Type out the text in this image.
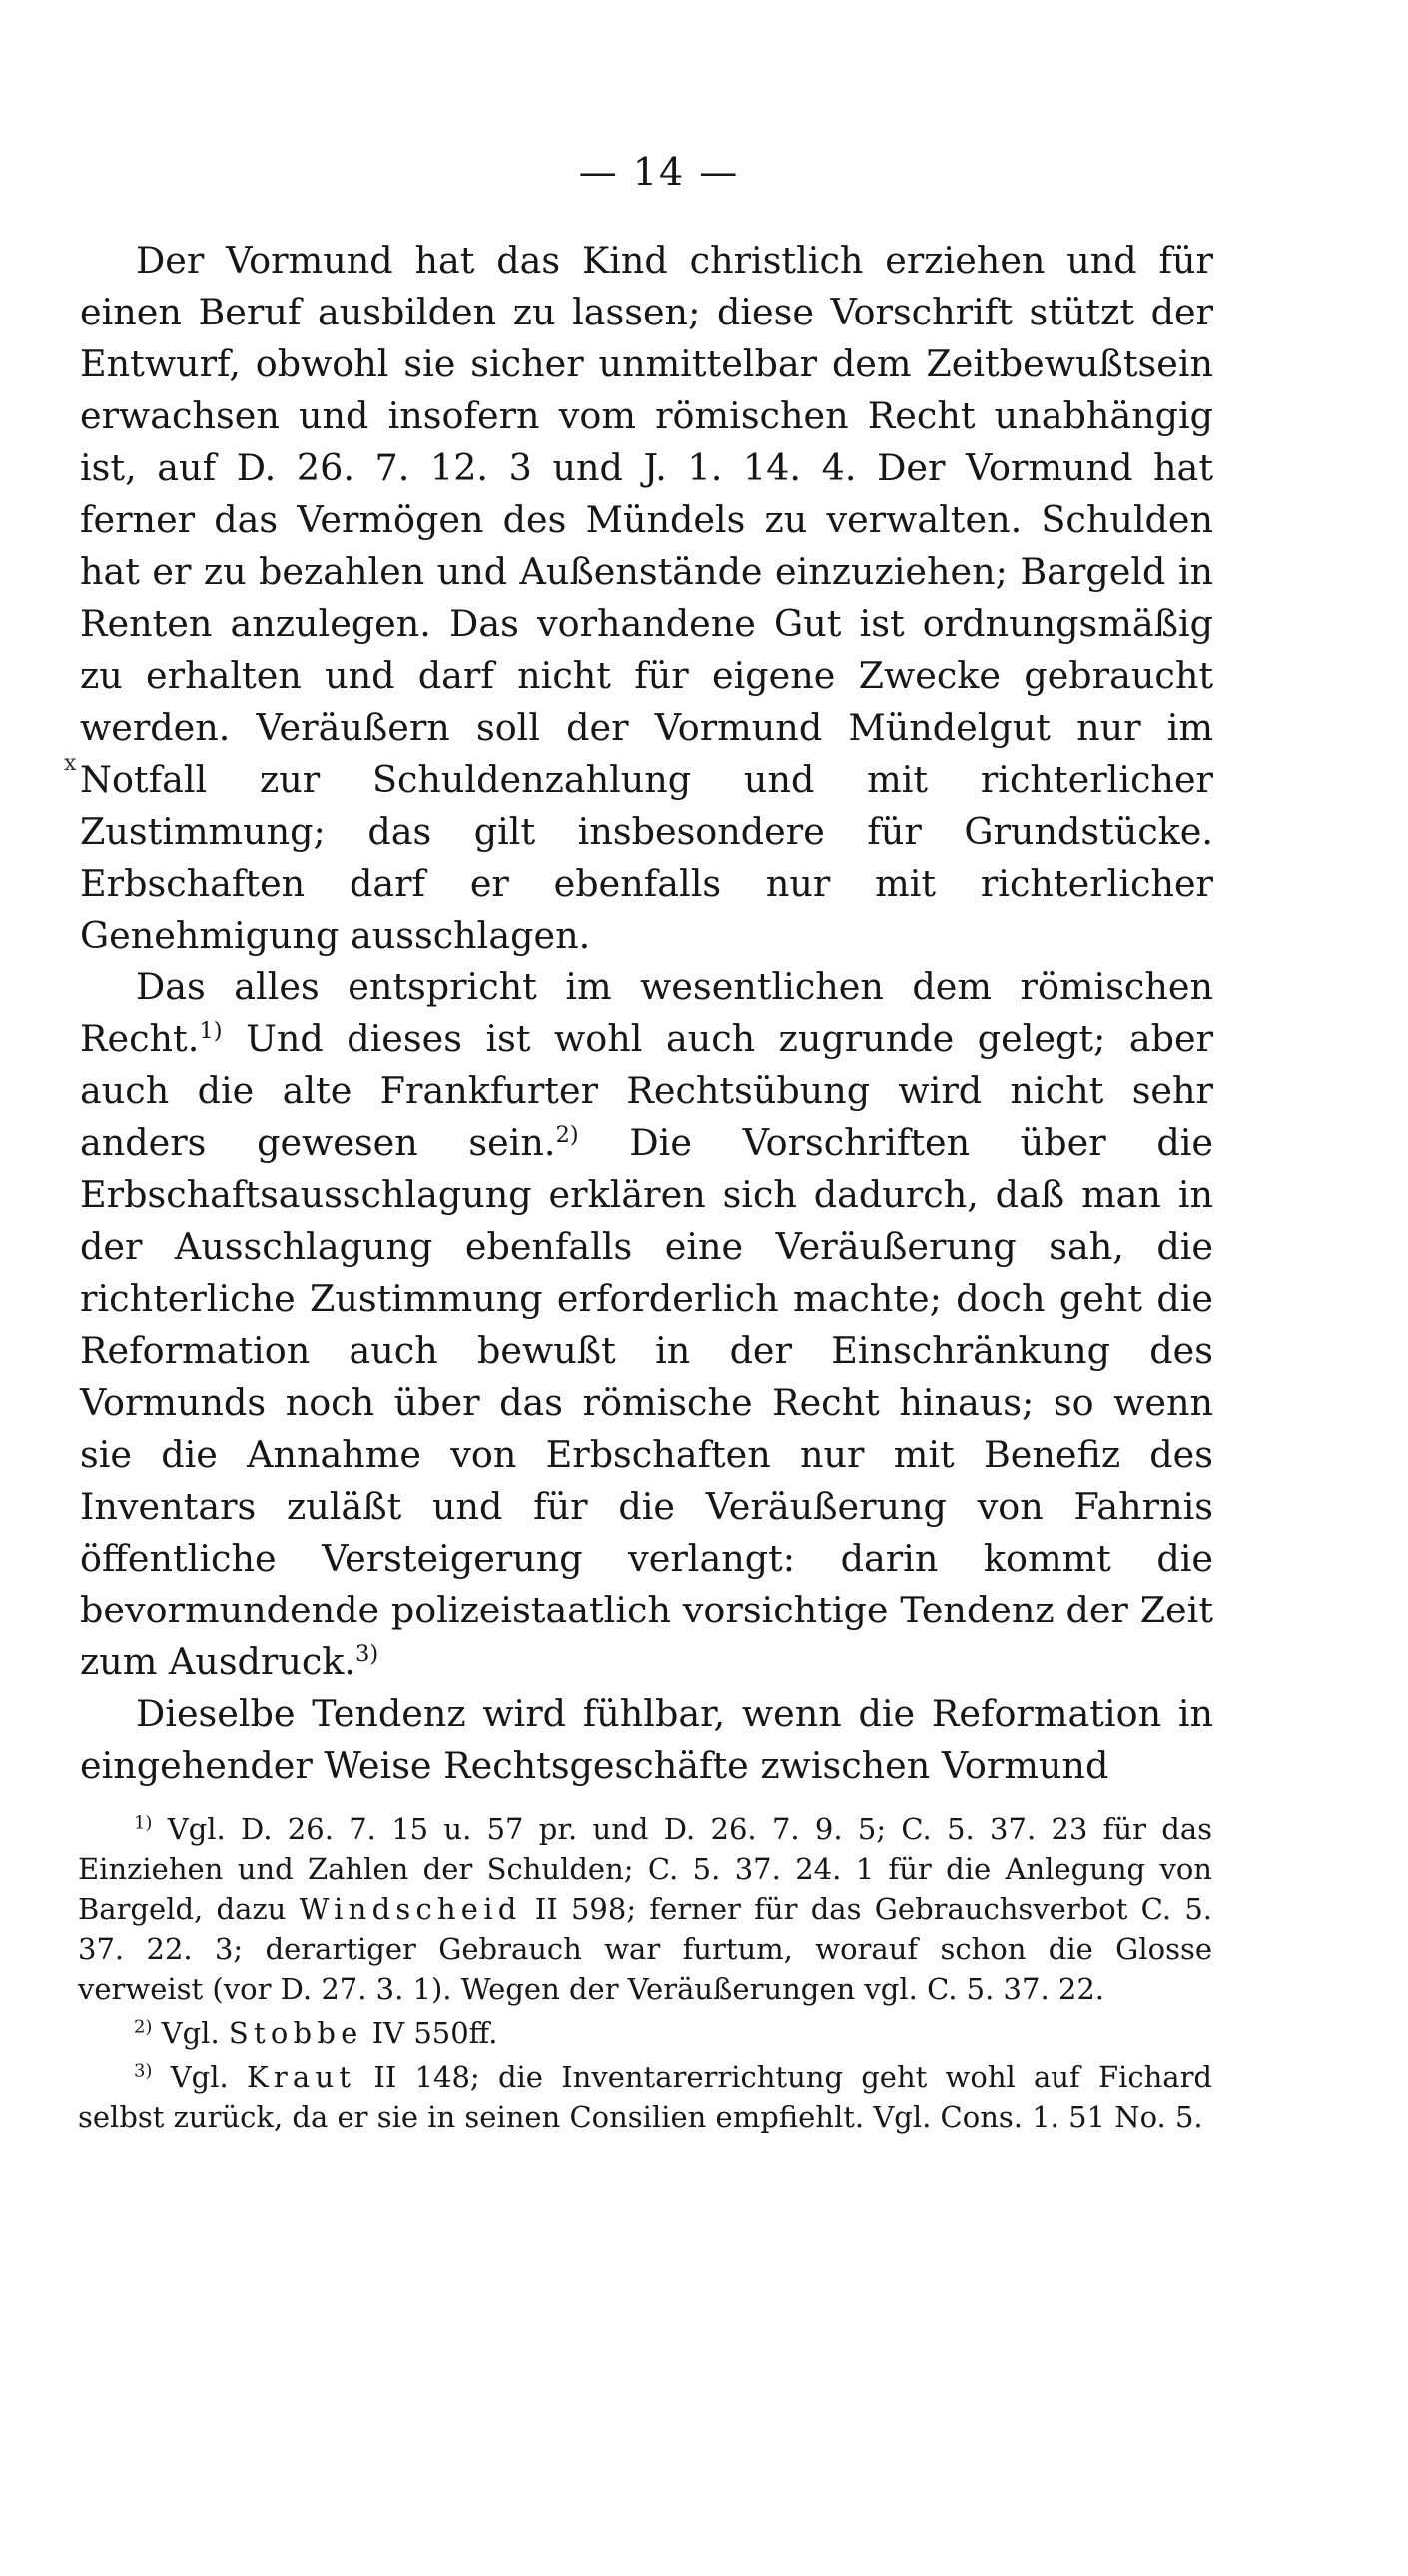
— 14 —
x

Der Vormund hat das Kind christlich erziehen und für einen Beruf ausbilden zu lassen; diese Vorschrift stützt der Entwurf, obwohl sie sicher unmittelbar dem Zeitbewußtsein erwachsen und insofern vom römischen Recht unabhängig ist, auf D. 26. 7. 12. 3 und J. 1. 14. 4. Der Vormund hat ferner das Vermögen des Mündels zu verwalten. Schulden hat er zu bezahlen und Außenstände einzuziehen; Bargeld in Renten anzulegen. Das vorhandene Gut ist ordnungsmäßig zu erhalten und darf nicht für eigene Zwecke gebraucht werden. Veräußern soll der Vormund Mündelgut nur im Notfall zur Schuldenzahlung und mit richterlicher Zustimmung; das gilt insbesondere für Grundstücke. Erbschaften darf er ebenfalls nur mit richterlicher Genehmigung ausschlagen.

Das alles entspricht im wesentlichen dem römischen Recht.$^{1)}$ Und dieses ist wohl auch zugrunde gelegt; aber auch die alte Frankfurter Rechtsübung wird nicht sehr anders gewesen sein.$^{2)}$ Die Vorschriften über die Erbschaftsausschlagung erklären sich dadurch, daß man in der Ausschlagung ebenfalls eine Veräußerung sah, die richterliche Zustimmung erforderlich machte; doch geht die Reformation auch bewußt in der Einschränkung des Vormunds noch über das römische Recht hinaus; so wenn sie die Annahme von Erbschaften nur mit Benefiz des Inventars zuläßt und für die Veräußerung von Fahrnis öffentliche Versteigerung verlangt: darin kommt die bevormundende polizeistaatlich vorsichtige Tendenz der Zeit zum Ausdruck.$^{3)}$

Dieselbe Tendenz wird fühlbar, wenn die Reformation in eingehender Weise Rechtsgeschäfte zwischen Vormund

$^{1)}$ Vgl. D. 26. 7. 15 u. 57 pr. und D. 26. 7. 9. 5; C. 5. 37. 23 für das Einziehen und Zahlen der Schulden; C. 5. 37. 24. 1 für die Anlegung von Bargeld, dazu Windscheid II 598; ferner für das Gebrauchsverbot C. 5. 37. 22. 3; derartiger Gebrauch war furtum, worauf schon die Glosse verweist (vor D. 27. 3. 1). Wegen der Veräußerungen vgl. C. 5. 37. 22.

$^{2)}$ Vgl. Stobbe IV 550ff.

$^{3)}$ Vgl. Kraut II 148; die Inventarerrichtung geht wohl auf Fichard selbst zurück, da er sie in seinen Consilien empfiehlt. Vgl. Cons. 1. 51 No. 5.
